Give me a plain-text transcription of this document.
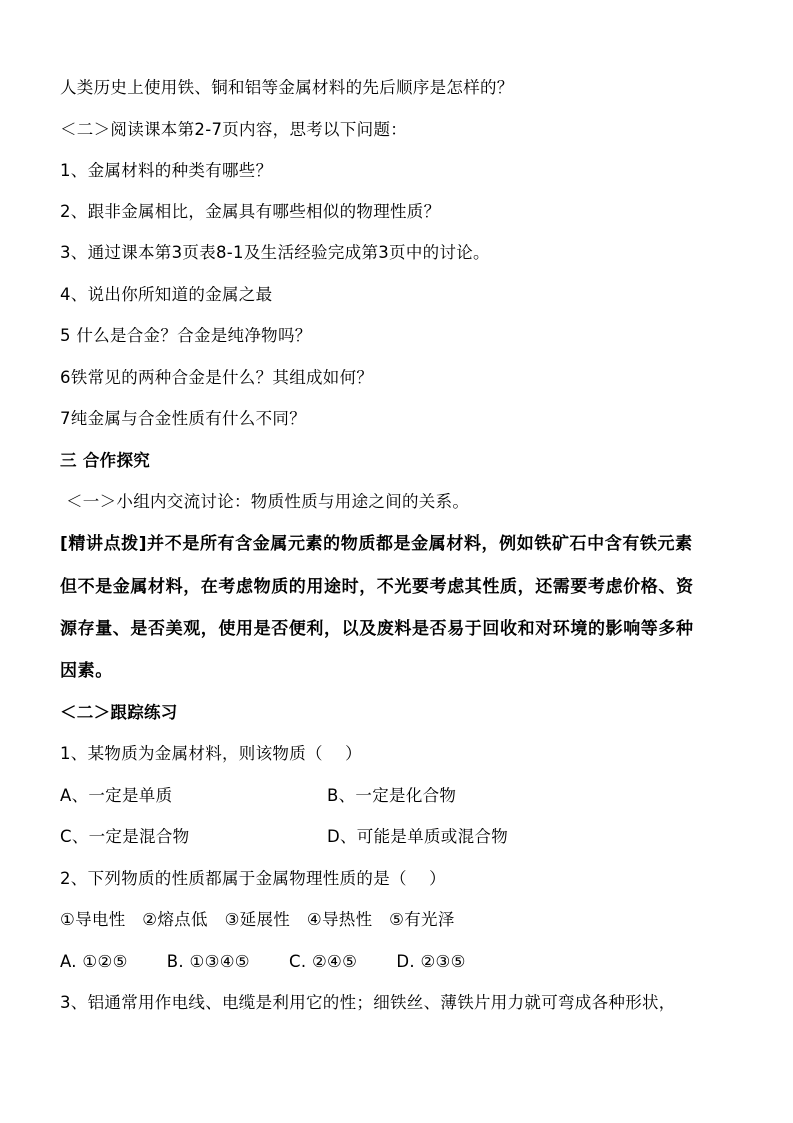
人类历史上使用铁、铜和铝等金属材料的先后顺序是怎样的？
＜二＞阅读课本第2-7页内容，思考以下问题：
1、金属材料的种类有哪些？
2、跟非金属相比，金属具有哪些相似的物理性质？
3、通过课本第3页表8-1及生活经验完成第3页中的讨论。
4、说出你所知道的金属之最
5 什么是合金？合金是纯净物吗？
6铁常见的两种合金是什么？其组成如何？
7纯金属与合金性质有什么不同？
三 合作探究
＜一＞小组内交流讨论：物质性质与用途之间的关系。
[精讲点拨]并不是所有含金属元素的物质都是金属材料，例如铁矿石中含有铁元素
但不是金属材料，在考虑物质的用途时，不光要考虑其性质，还需要考虑价格、资
源存量、是否美观，使用是否便利，以及废料是否易于回收和对环境的影响等多种
因素。
＜二＞跟踪练习
1、某物质为金属材料，则该物质（　 ）
A、一定是单质	B、一定是化合物
C、一定是混合物	D、可能是单质或混合物
2、下列物质的性质都属于金属物理性质的是（　 ）
①导电性　②熔点低　③延展性　④导热性　⑤有光泽
A. ①②⑤　　 B. ①③④⑤　　 C. ②④⑤　　 D. ②③⑤
3、铝通常用作电线、电缆是利用它的性；细铁丝、薄铁片用力就可弯成各种形状，
